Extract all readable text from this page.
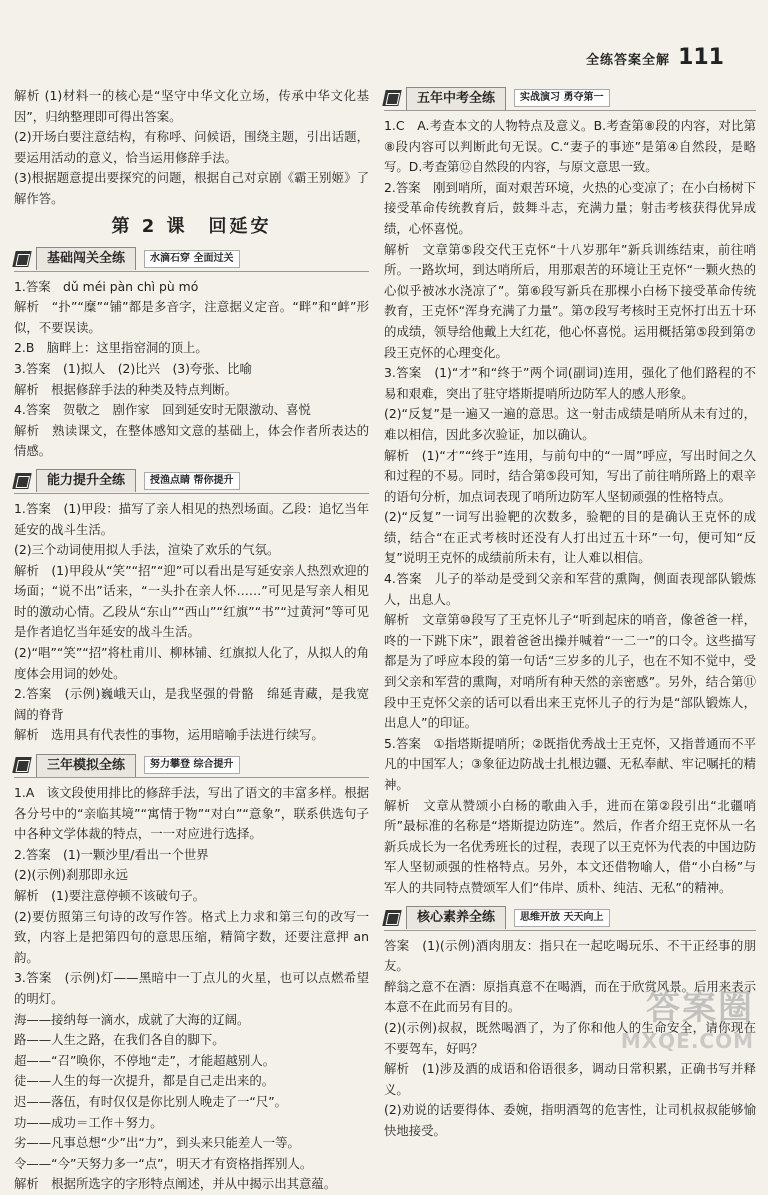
全练答案全解 111

解析 (1)材料一的核心是“坚守中华文化立场，传承中华文化基因”，归纳整理即可得出答案。

(2)开场白要注意结构，有称呼、问候语，围绕主题，引出话题，要运用活动的意义，恰当运用修辞手法。

(3)根据题意提出要探究的问题，根据自己对京剧《霸王别姬》了解作答。

第 2 课　回延安
基础闯关全练	水滴石穿 全面过关

1.答案　dǔ méi pàn chì pù mó

解析　“扑”“糜”“铺”都是多音字，注意据义定音。“畔”和“衅”形似，不要误读。

2.B　脑畔上：这里指窑洞的顶上。

3.答案　(1)拟人　(2)比兴　(3)夸张、比喻

解析　根据修辞手法的种类及特点判断。

4.答案　贺敬之　剧作家　回到延安时无限激动、喜悦

解析　熟读课文，在整体感知文意的基础上，体会作者所表达的情感。

能力提升全练	授渔点睛 帮你提升

1.答案　(1)甲段：描写了亲人相见的热烈场面。乙段：追忆当年延安的战斗生活。

(2)三个动词使用拟人手法，渲染了欢乐的气氛。

解析　(1)甲段从“笑”“招”“迎”可以看出是写延安亲人热烈欢迎的场面；“说不出”话来，“一头扑在亲人怀……”可见是写亲人相见时的激动心情。乙段从“东山”“西山”“红旗”“书”“过黄河”等可见是作者追忆当年延安的战斗生活。

(2)“唱”“笑”“招”将杜甫川、柳林铺、红旗拟人化了，从拟人的角度体会用词的妙处。

2.答案　(示例)巍峨天山，是我坚强的骨骼　绵延青藏，是我宽阔的脊背

解析　选用具有代表性的事物，运用暗喻手法进行续写。

三年模拟全练	努力攀登 综合提升

1.A　该文段使用排比的修辞手法，写出了语文的丰富多样。根据各分号中的“亲临其境”“寓情于物”“对白”“意象”，联系供选句子中各种文学体裁的特点，一一对应进行选择。

2.答案　(1)一颗沙里/看出一个世界

(2)(示例)刹那即永远

解析　(1)要注意停顿不该破句子。

(2)要仿照第三句诗的改写作答。格式上力求和第三句的改写一致，内容上是把第四句的意思压缩，精简字数，还要注意押 an 韵。

3.答案　(示例)灯——黑暗中一丁点儿的火星，也可以点燃希望的明灯。

海——接纳每一滴水，成就了大海的辽阔。

路——人生之路，在我们各自的脚下。

超——“召”唤你，不停地“走”，才能超越别人。

徒——人生的每一次提升，都是自己走出来的。

迟——落伍，有时仅仅是你比别人晚走了一“尺”。

功——成功＝工作＋努力。

劣——凡事总想“少”出“力”，到头来只能差人一等。

令——“今”天努力多一“点”，明天才有资格指挥别人。

解析　根据所选字的字形特点阐述，并从中揭示出其意蕴。

五年中考全练	实战演习 勇夺第一

1.C　A.考查本文的人物特点及意义。B.考查第⑧段的内容，对比第⑧段内容可以判断此句无误。C.“妻子的事迹”是第④自然段，是略写。D.考查第⑫自然段的内容，与原文意思一致。

2.答案　刚到哨所，面对艰苦环境，火热的心变凉了；在小白杨树下接受革命传统教育后，鼓舞斗志，充满力量；射击考核获得优异成绩，心怀喜悦。

解析　文章第⑤段交代王克怀“十八岁那年”新兵训练结束，前往哨所。一路坎坷，到达哨所后，用那艰苦的环境让王克怀“一颗火热的心似乎被冰水浇凉了”。第⑥段写新兵在那棵小白杨下接受革命传统教育，王克怀“浑身充满了力量”。第⑦段写考核时王克怀打出五十环的成绩，领导给他戴上大红花，他心怀喜悦。运用概括第⑤段到第⑦段王克怀的心理变化。

3.答案　(1)“才”和“终于”两个词(副词)连用，强化了他们路程的不易和艰难，突出了驻守塔斯提哨所边防军人的感人形象。

(2)“反复”是一遍又一遍的意思。这一射击成绩是哨所从未有过的，难以相信，因此多次验证，加以确认。

解析　(1)“才”“终于”连用，与前句中的“一周”呼应，写出时间之久和过程的不易。同时，结合第⑤段可知，写出了前往哨所路上的艰辛的语句分析，加点词表现了哨所边防军人坚韧顽强的性格特点。

(2)“反复”一词写出验靶的次数多，验靶的目的是确认王克怀的成绩，结合“在正式考核时还没有人打出过五十环”一句，便可知“反复”说明王克怀的成绩前所未有，让人难以相信。

4.答案　儿子的举动是受到父亲和军营的熏陶，侧面表现部队锻炼人，出息人。

解析　文章第⑩段写了王克怀儿子“听到起床的哨音，像爸爸一样，咚的一下跳下床”，跟着爸爸出操并喊着“一二一”的口令。这些描写都是为了呼应本段的第一句话“三岁多的儿子，也在不知不觉中，受到父亲和军营的熏陶，对哨所有种天然的亲密感”。另外，结合第⑪段中王克怀父亲的话可以看出来王克怀儿子的行为是“部队锻炼人，出息人”的印证。

5.答案　①指塔斯提哨所；②既指优秀战士王克怀，又指普通而不平凡的中国军人；③象征边防战士扎根边疆、无私奉献、牢记嘱托的精神。

解析　文章从赞颂小白杨的歌曲入手，进而在第②段引出“北疆哨所”最标准的名称是“塔斯提边防连”。然后，作者介绍王克怀从一名新兵成长为一名优秀班长的过程，表现了以王克怀为代表的中国边防军人坚韧顽强的性格特点。另外，本文还借物喻人，借“小白杨”与军人的共同特点赞颂军人们“伟岸、质朴、纯洁、无私”的精神。

核心素养全练	思维开放 天天向上

答案　(1)(示例)酒肉朋友：指只在一起吃喝玩乐、不干正经事的朋友。

醉翁之意不在酒：原指真意不在喝酒，而在于欣赏风景。后用来表示本意不在此而另有目的。

(2)(示例)叔叔，既然喝酒了，为了你和他人的生命安全，请你现在不要驾车，好吗？

解析　(1)涉及酒的成语和俗语很多，调动日常积累，正确书写并释义。

(2)劝说的话要得体、委婉，指明酒驾的危害性，让司机叔叔能够愉快地接受。

答案圈
MXQE.COM
